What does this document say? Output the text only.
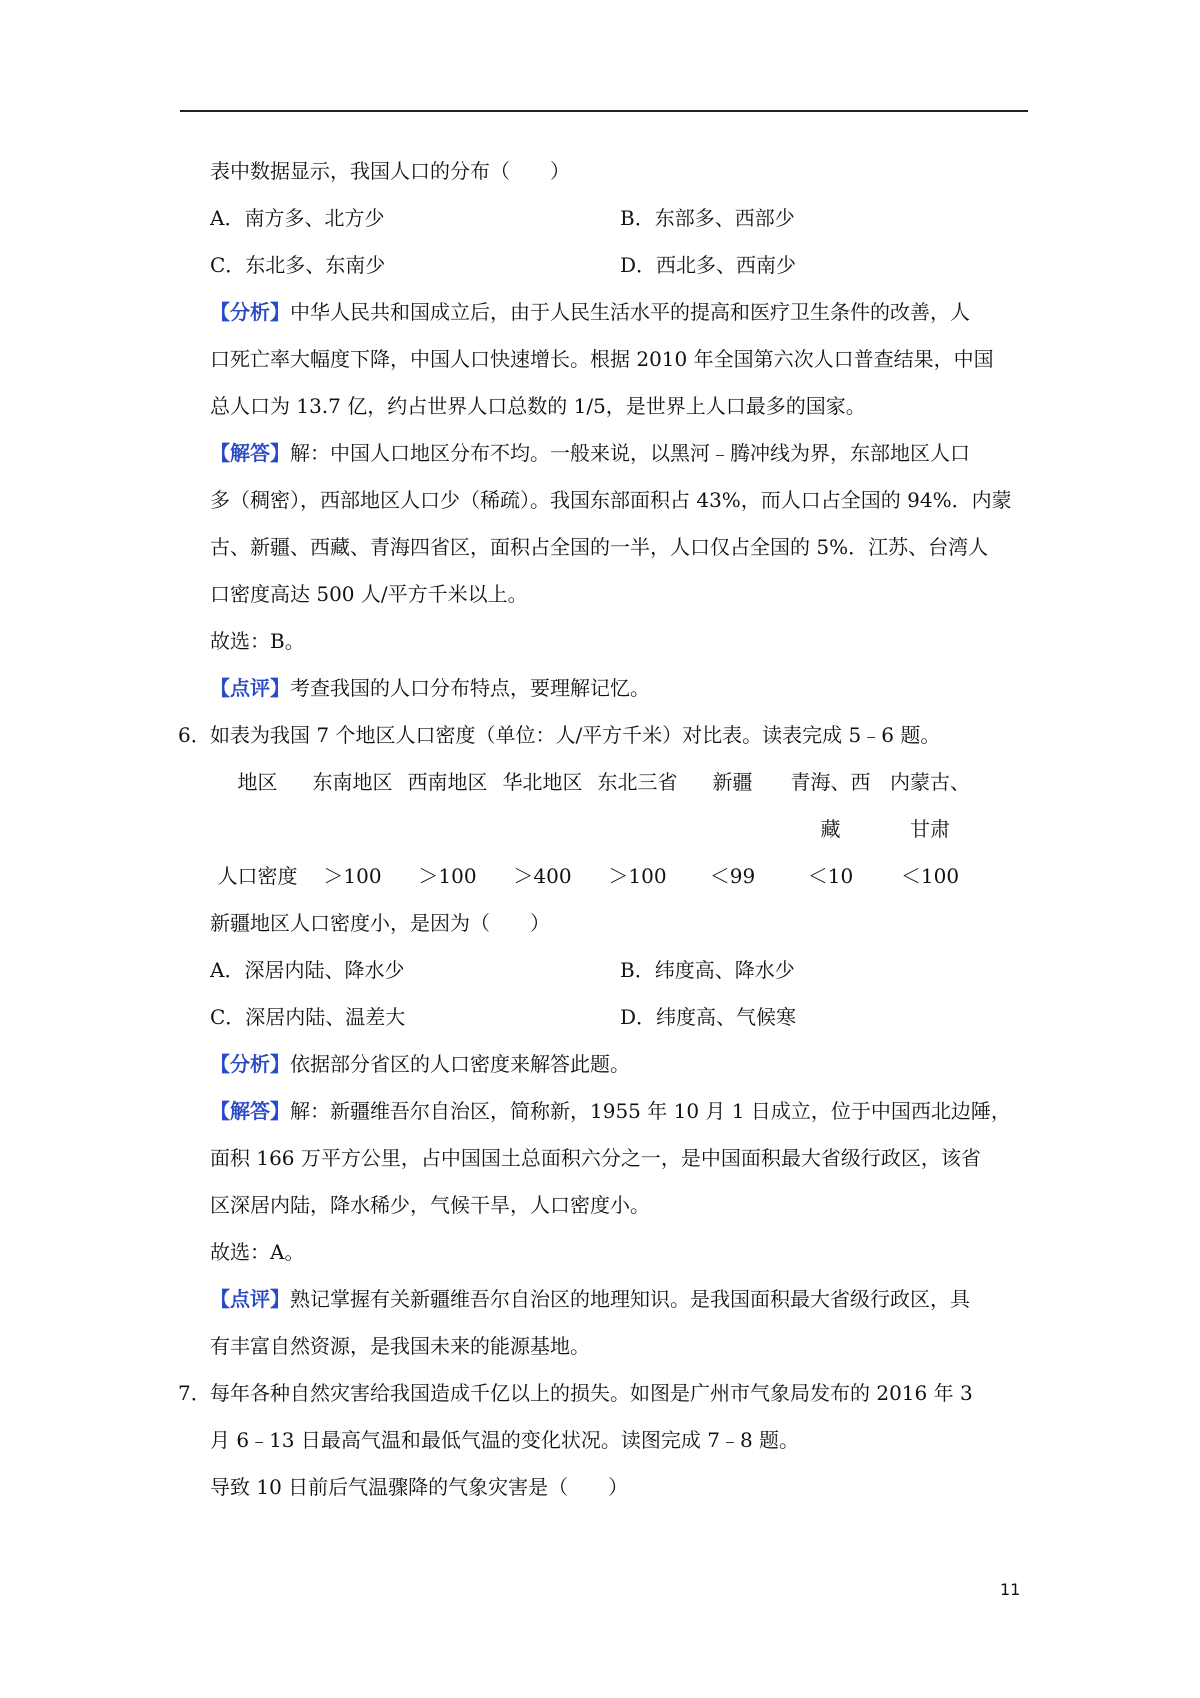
表中数据显示，我国人口的分布（　　）
A．南方多、北方少	B．东部多、西部少
C．东北多、东南少	D．西北多、西南少
【分析】中华人民共和国成立后，由于人民生活水平的提高和医疗卫生条件的改善，人
口死亡率大幅度下降，中国人口快速增长。根据 2010 年全国第六次人口普查结果，中国
总人口为 13.7 亿，约占世界人口总数的 1/5，是世界上人口最多的国家。
【解答】解：中国人口地区分布不均。一般来说，以黑河﹣腾冲线为界，东部地区人口
多（稠密），西部地区人口少（稀疏）。我国东部面积占 43%，而人口占全国的 94%．内蒙
古、新疆、西藏、青海四省区，面积占全国的一半，人口仅占全国的 5%．江苏、台湾人
口密度高达 500 人/平方千米以上。
故选：B。
【点评】考查我国的人口分布特点，要理解记忆。
6． 如表为我国 7 个地区人口密度（单位：人/平方千米）对比表。读表完成 5﹣6 题。
地区	东南地区	西南地区	华北地区	东北三省	新疆	青海、西藏	内蒙古、甘肃
人口密度	＞100	＞100	＞400	＞100	＜99	＜10	＜100
新疆地区人口密度小，是因为（　　）
A．深居内陆、降水少	B．纬度高、降水少
C．深居内陆、温差大	D．纬度高、气候寒
【分析】依据部分省区的人口密度来解答此题。
【解答】解：新疆维吾尔自治区，简称新，1955 年 10 月 1 日成立，位于中国西北边陲，
面积 166 万平方公里，占中国国土总面积六分之一，是中国面积最大省级行政区，该省
区深居内陆，降水稀少，气候干旱，人口密度小。
故选：A。
【点评】熟记掌握有关新疆维吾尔自治区的地理知识。是我国面积最大省级行政区，具
有丰富自然资源，是我国未来的能源基地。
7． 每年各种自然灾害给我国造成千亿以上的损失。如图是广州市气象局发布的 2016 年 3
月 6﹣13 日最高气温和最低气温的变化状况。读图完成 7﹣8 题。
导致 10 日前后气温骤降的气象灾害是（　　）
11
